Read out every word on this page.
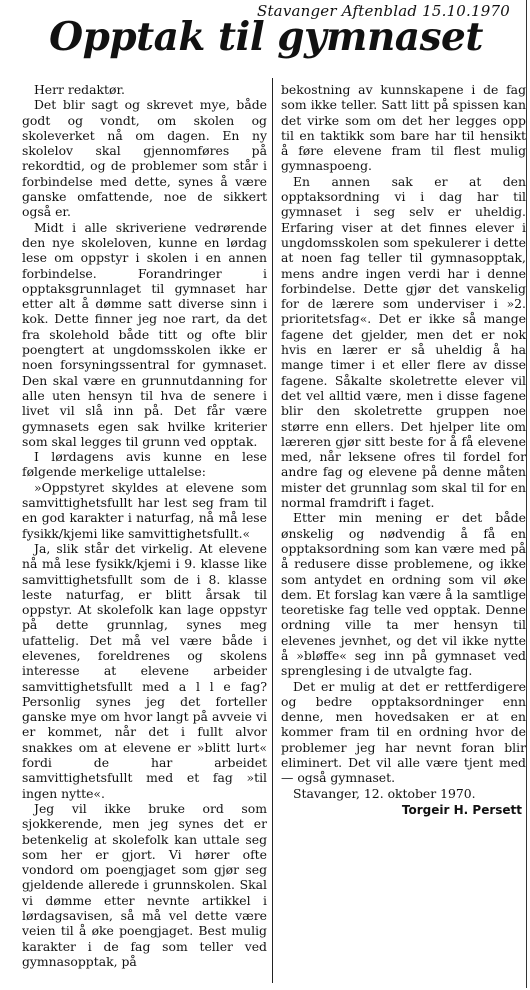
Stavanger Aftenblad 15.10.1970
Opptak til gymnaset

Herr redaktør.

Det blir sagt og skrevet mye, både godt og vondt, om skolen og skoleverket nå om dagen. En ny skolelov skal gjennomføres på rekordtid, og de problemer som står i forbindelse med dette, synes å være ganske omfattende, noe de sikkert også er.

Midt i alle skriveriene vedrørende den nye skoleloven, kunne en lørdag lese om oppstyr i skolen i en annen forbindelse. Forandringer i opptaksgrunnlaget til gymnaset har etter alt å dømme satt diverse sinn i kok. Dette finner jeg noe rart, da det fra skolehold både titt og ofte blir poengtert at ungdomsskolen ikke er noen forsyningssentral for gymnaset. Den skal være en grunnutdanning for alle uten hensyn til hva de senere i livet vil slå inn på. Det får være gymnasets egen sak hvilke kriterier som skal legges til grunn ved opptak.

I lørdagens avis kunne en lese følgende merkelige uttalelse:

»Oppstyret skyldes at elevene som samvittighetsfullt har lest seg fram til en god karakter i naturfag, nå må lese fysikk/kjemi like samvittighetsfullt.«

Ja, slik står det virkelig. At elevene nå må lese fysikk/kjemi i 9. klasse like samvittighetsfullt som de i 8. klasse leste naturfag, er blitt årsak til oppstyr. At skolefolk kan lage oppstyr på dette grunnlag, synes meg ufattelig. Det må vel være både i elevenes, foreldrenes og skolens interesse at elevene arbeider samvittighetsfullt med a l l e fag? Personlig synes jeg det forteller ganske mye om hvor langt på avveie vi er kommet, når det i fullt alvor snakkes om at elevene er »blitt lurt« fordi de har arbeidet samvittighetsfullt med et fag »til ingen nytte«.

Jeg vil ikke bruke ord som sjokkerende, men jeg synes det er betenkelig at skolefolk kan uttale seg som her er gjort. Vi hører ofte vondord om poengjaget som gjør seg gjeldende allerede i grunnskolen. Skal vi dømme etter nevnte artikkel i lørdagsavisen, så må vel dette være veien til å øke poengjaget. Best mulig karakter i de fag som teller ved gymnasopptak, på

bekostning av kunnskapene i de fag som ikke teller. Satt litt på spissen kan det virke som om det her legges opp til en taktikk som bare har til hensikt å føre elevene fram til flest mulig gymnaspoeng.

En annen sak er at den opptaksordning vi i dag har til gymnaset i seg selv er uheldig. Erfaring viser at det finnes elever i ungdomsskolen som spekulerer i dette at noen fag teller til gymnasopptak, mens andre ingen verdi har i denne forbindelse. Dette gjør det vanskelig for de lærere som underviser i »2. prioritetsfag«. Det er ikke så mange fagene det gjelder, men det er nok hvis en lærer er så uheldig å ha mange timer i et eller flere av disse fagene. Såkalte skoletrette elever vil det vel alltid være, men i disse fagene blir den skoletrette gruppen noe større enn ellers. Det hjelper lite om læreren gjør sitt beste for å få elevene med, når leksene ofres til fordel for andre fag og elevene på denne måten mister det grunnlag som skal til for en normal framdrift i faget.

Etter min mening er det både ønskelig og nødvendig å få en opptaksordning som kan være med på å redusere disse problemene, og ikke som antydet en ordning som vil øke dem. Et forslag kan være å la samtlige teoretiske fag telle ved opptak. Denne ordning ville ta mer hensyn til elevenes jevnhet, og det vil ikke nytte å »bløffe« seg inn på gymnaset ved sprenglesing i de utvalgte fag.

Det er mulig at det er rettferdigere og bedre opptaksordninger enn denne, men hovedsaken er at en kommer fram til en ordning hvor de problemer jeg har nevnt foran blir eliminert. Det vil alle være tjent med — også gymnaset.

Stavanger, 12. oktober 1970.

Torgeir H. Persett
